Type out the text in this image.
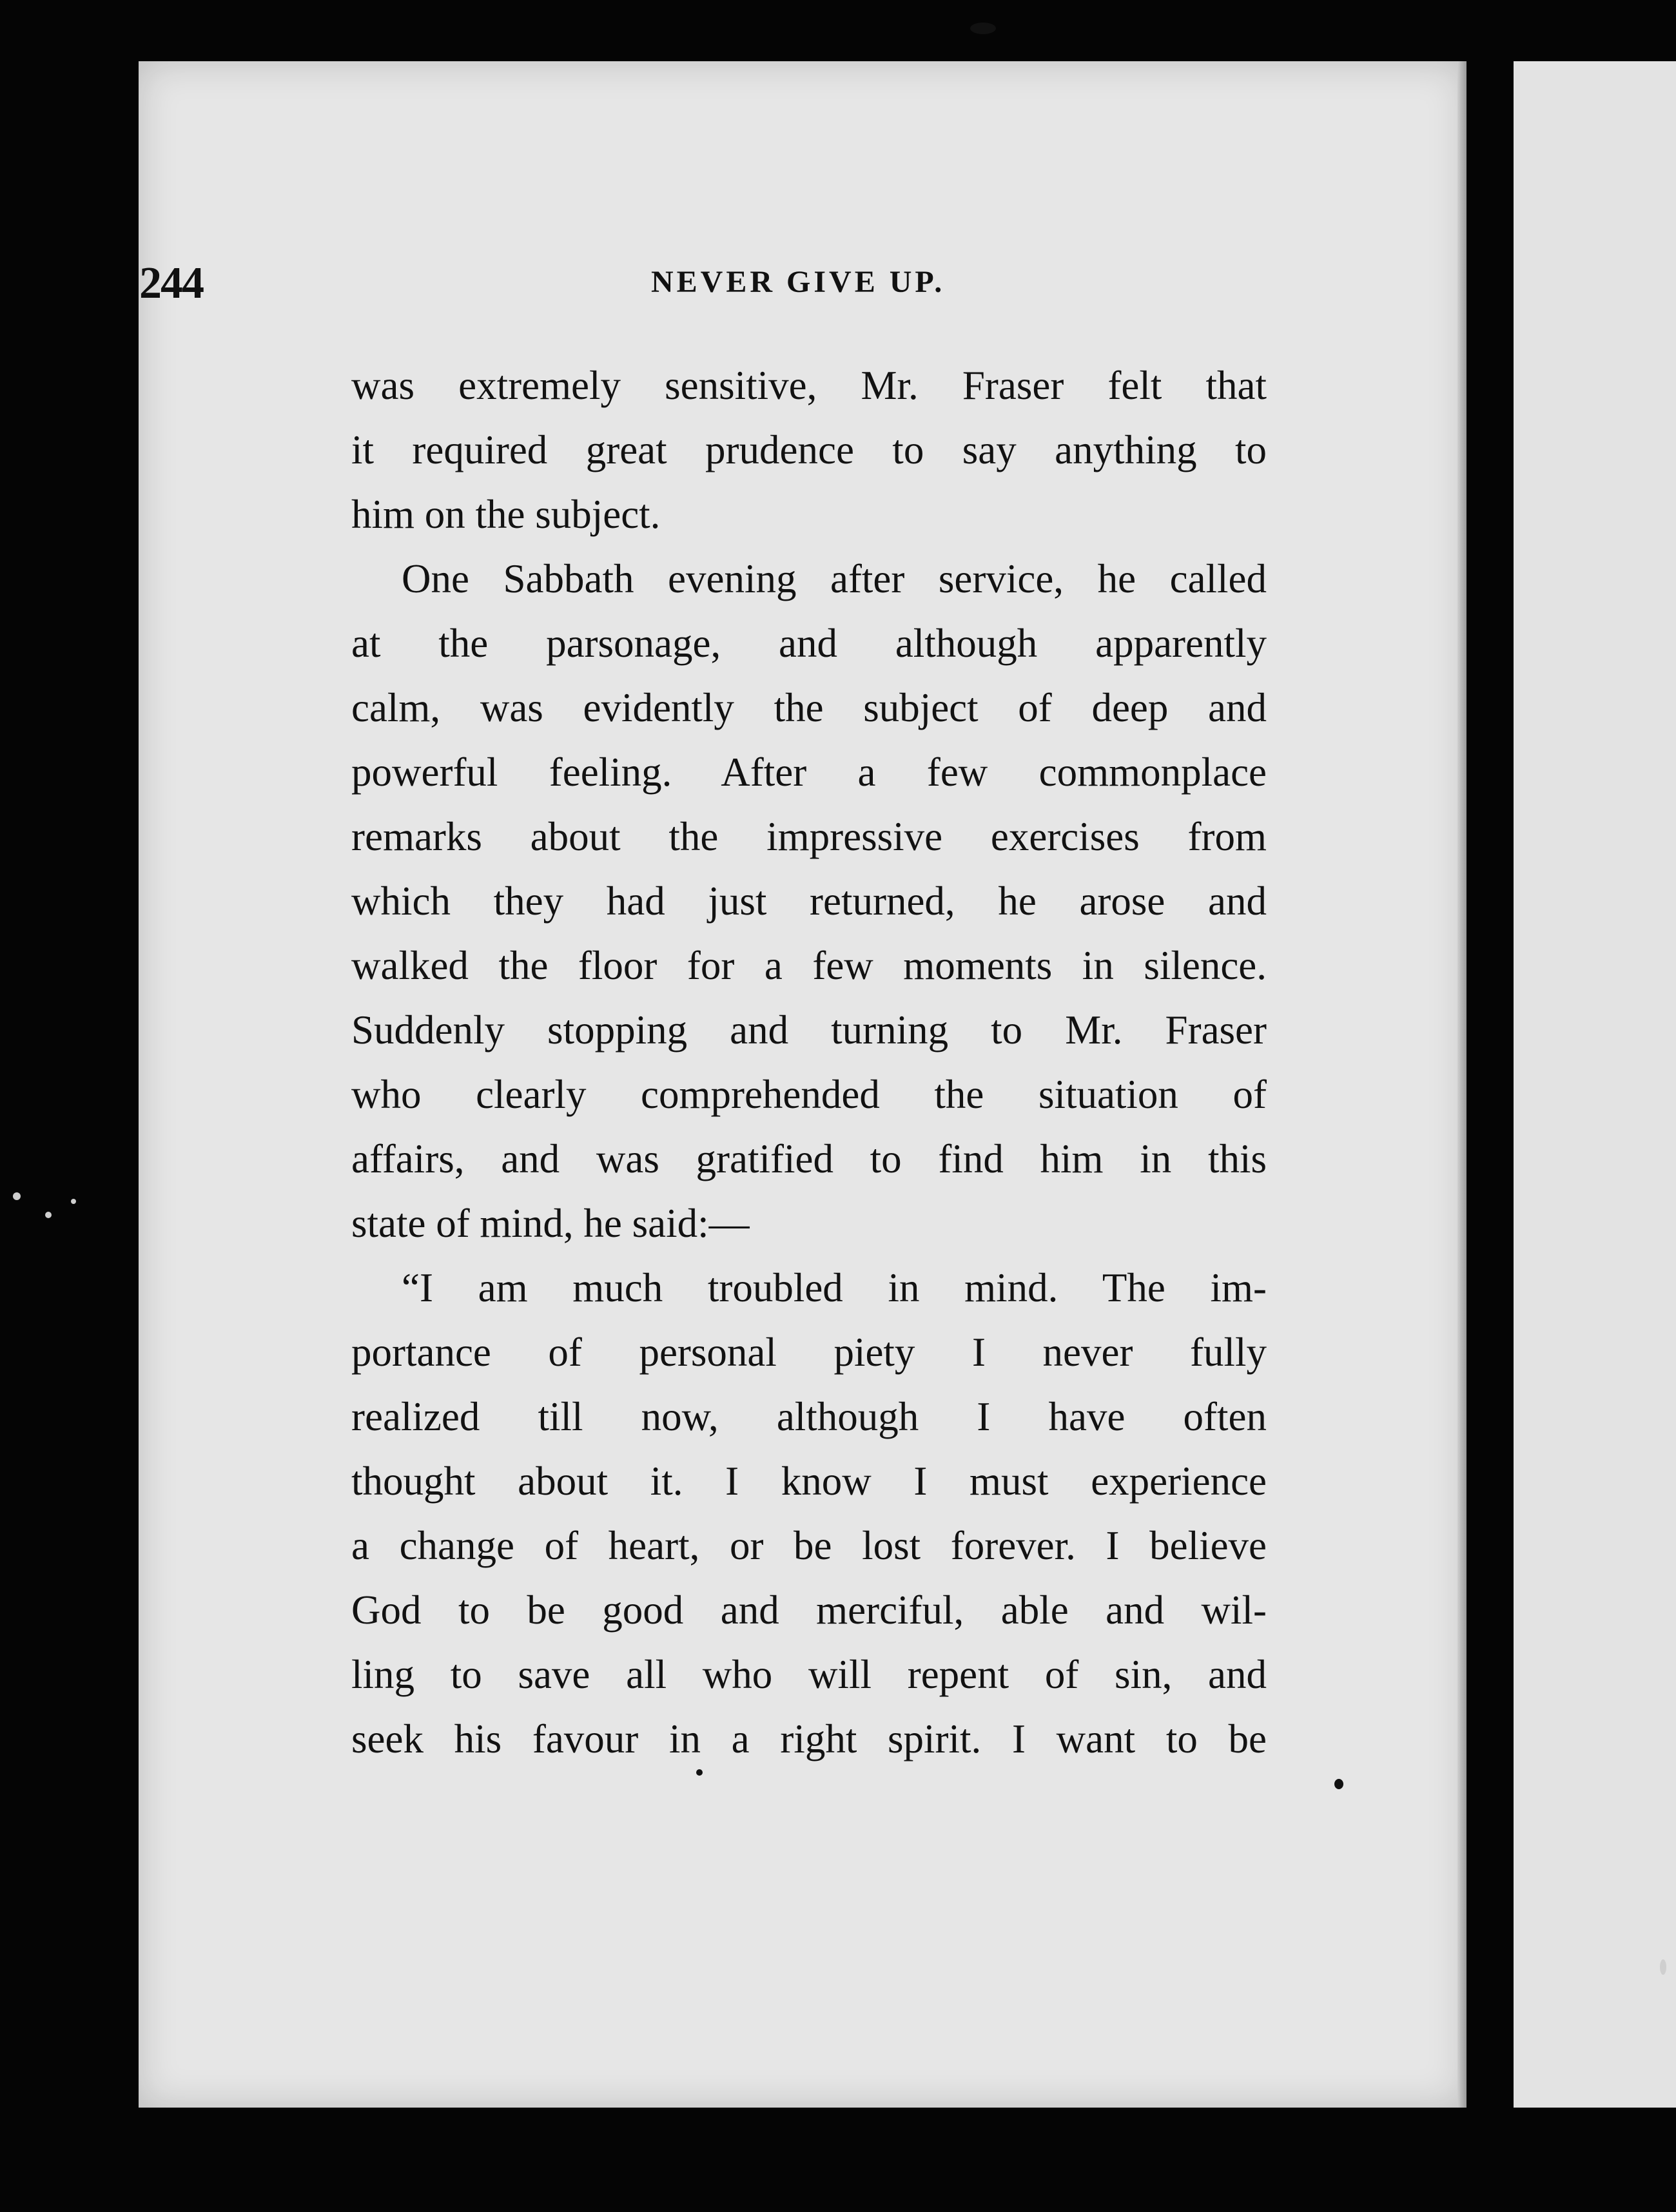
244	NEVER GIVE UP.
was extremely sensitive, Mr. Fraser felt that
it required great prudence to say anything to
him on the subject.
One Sabbath evening after service, he called
at the parsonage, and although apparently
calm, was evidently the subject of deep and
powerful feeling. After a few commonplace
remarks about the impressive exercises from
which they had just returned, he arose and
walked the floor for a few moments in silence.
Suddenly stopping and turning to Mr. Fraser
who clearly comprehended the situation of
affairs, and was gratified to find him in this
state of mind, he said:—
“I am much troubled in mind. The im-
portance of personal piety I never fully
realized till now, although I have often
thought about it. I know I must experience
a change of heart, or be lost forever. I believe
God to be good and merciful, able and wil-
ling to save all who will repent of sin, and
seek his favour in a right spirit. I want to be
